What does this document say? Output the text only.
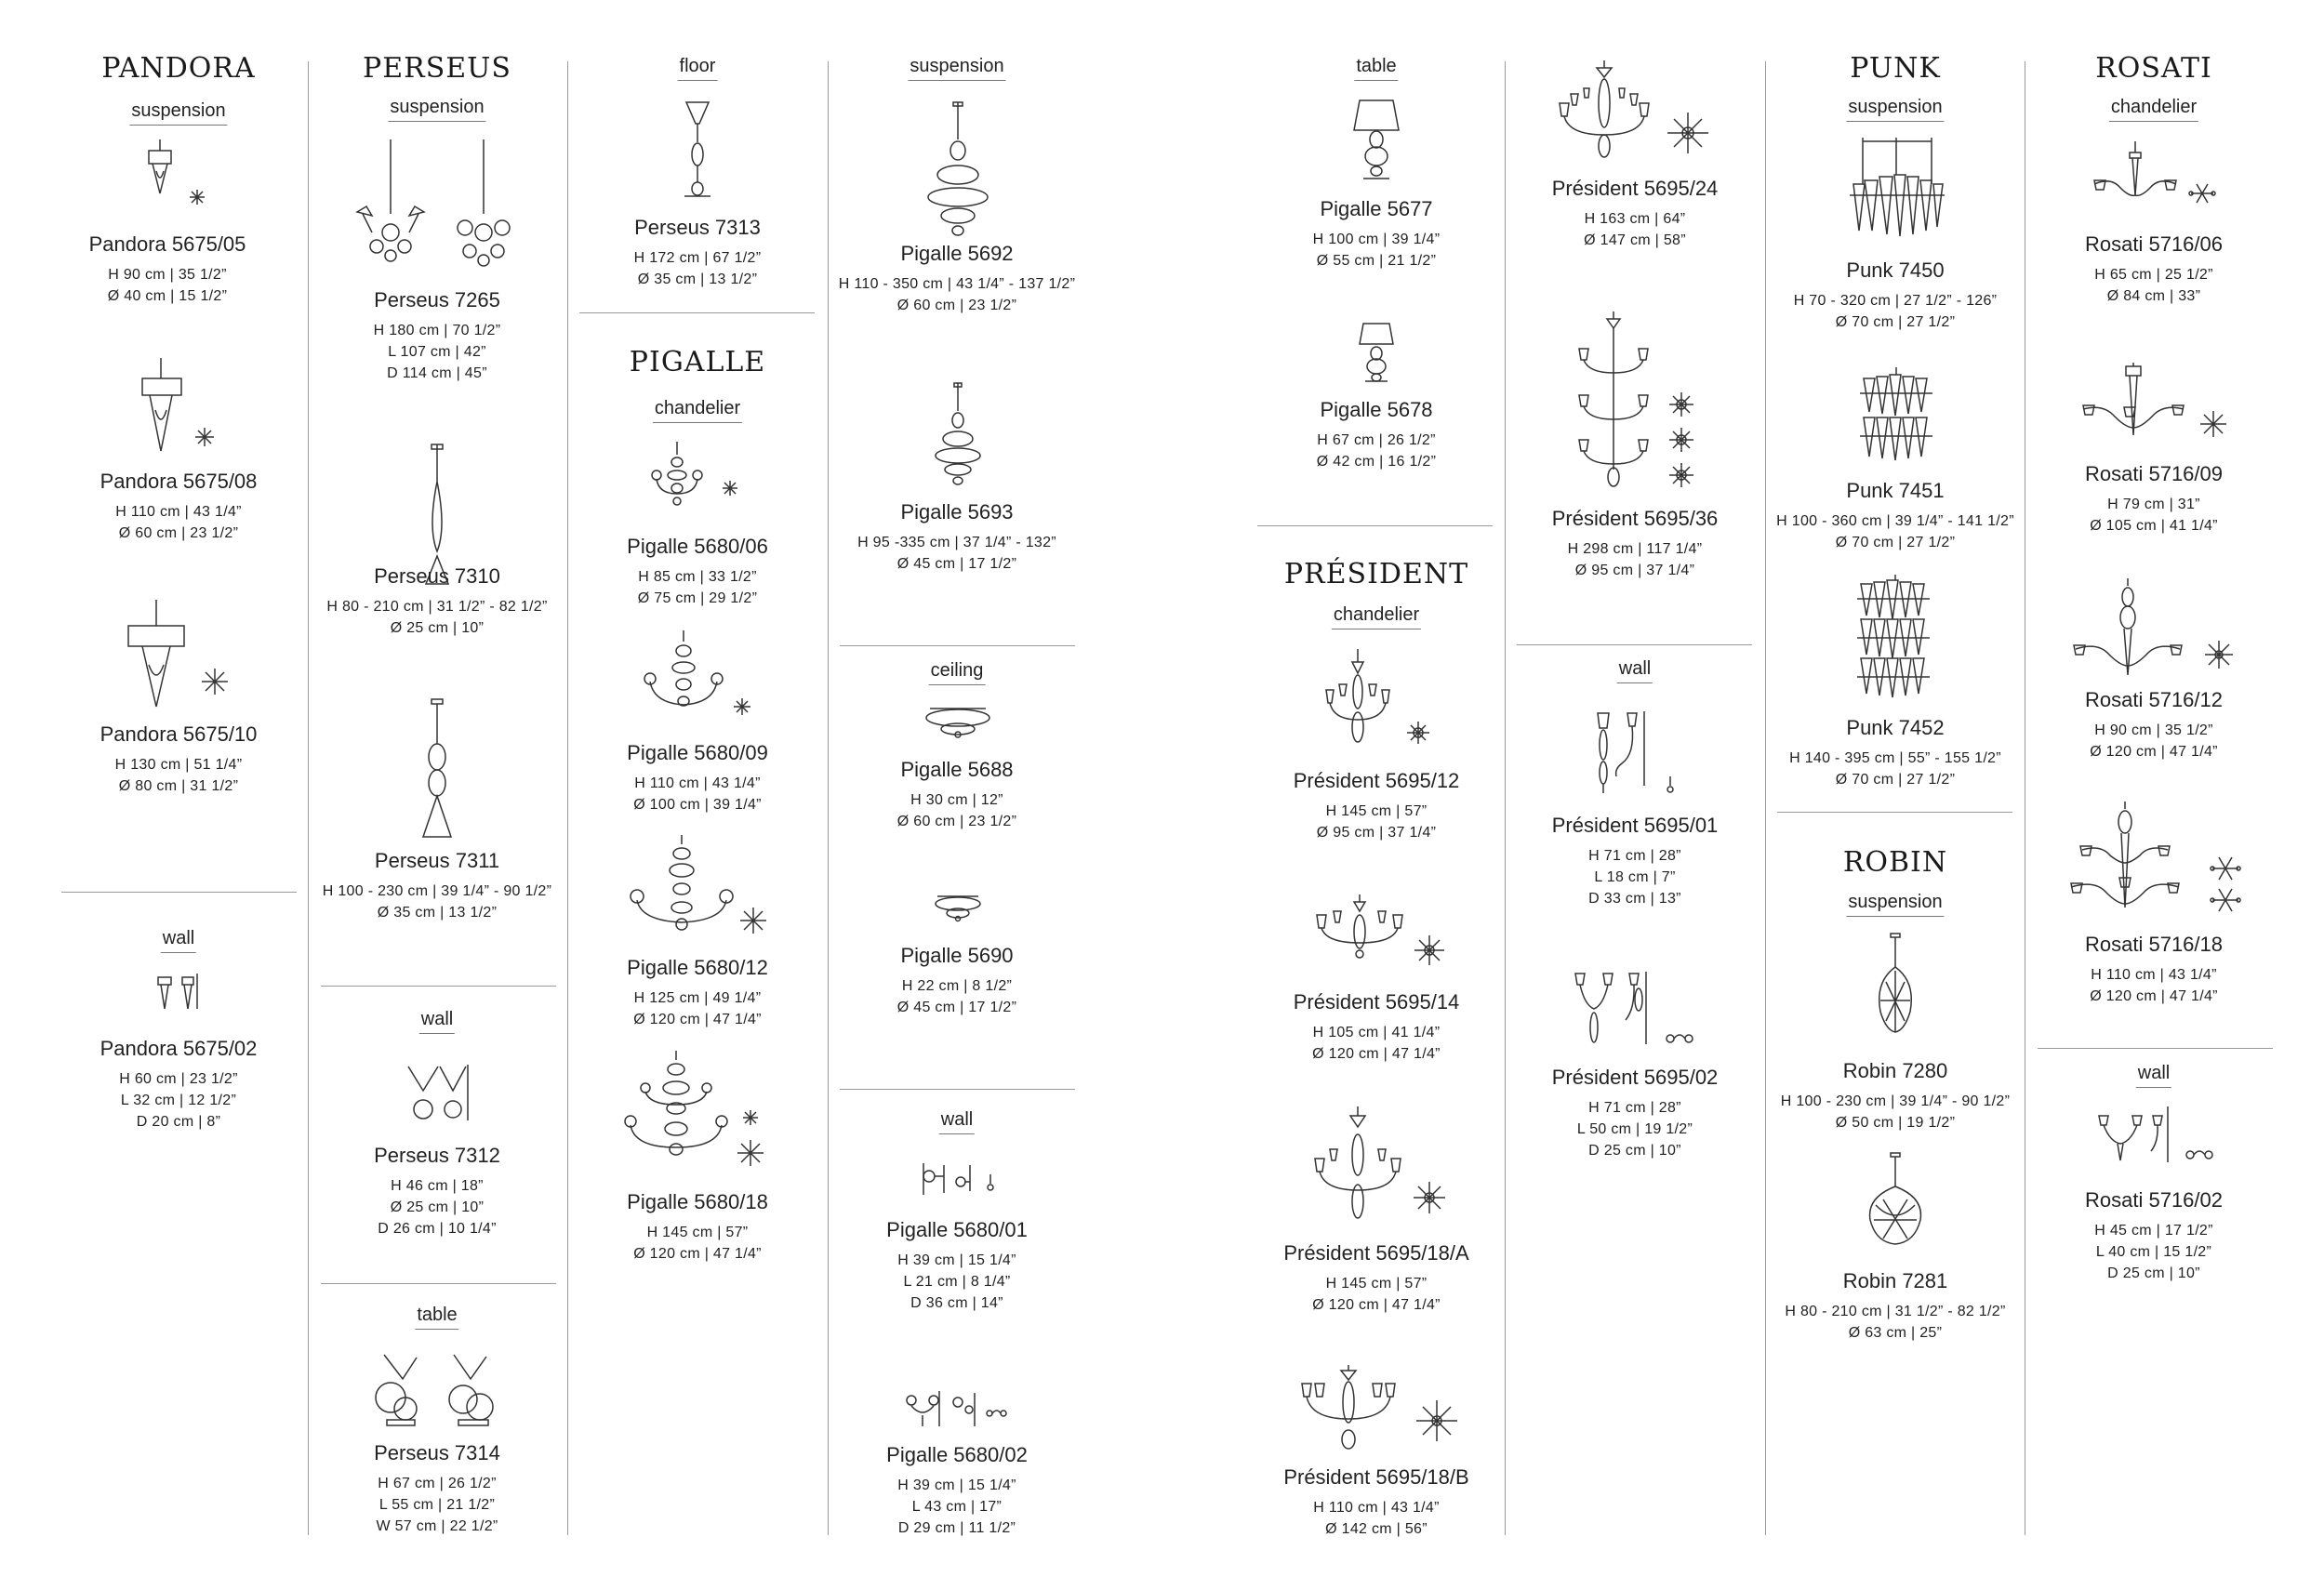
PANDORA
suspension
Pandora 5675/05
H 90 cm | 35 1/2”
Ø 40 cm | 15 1/2”
Pandora 5675/08
H 110 cm | 43 1/4”
Ø 60 cm | 23 1/2”
Pandora 5675/10
H 130 cm | 51 1/4”
Ø 80 cm | 31 1/2”
wall
Pandora 5675/02
H 60 cm | 23 1/2”
L 32 cm | 12 1/2”
D 20 cm | 8”
PERSEUS
suspension
Perseus 7265
H 180 cm | 70 1/2”
L 107 cm | 42”
D 114 cm | 45”
Perseus 7310
H 80 - 210 cm | 31 1/2” - 82 1/2”
Ø 25 cm | 10”
Perseus 7311
H 100 - 230 cm | 39 1/4” - 90 1/2”
Ø 35 cm | 13 1/2”
wall
Perseus 7312
H 46 cm | 18”
Ø 25 cm | 10”
D 26 cm | 10 1/4”
table
Perseus 7314
H 67 cm | 26 1/2”
L 55 cm | 21 1/2”
W 57 cm | 22 1/2”
floor
Perseus 7313
H 172 cm | 67 1/2”
Ø 35 cm | 13 1/2”
PIGALLE
chandelier
Pigalle 5680/06
H 85 cm | 33 1/2”
Ø 75 cm | 29 1/2”
Pigalle 5680/09
H 110 cm | 43 1/4”
Ø 100 cm | 39 1/4”
Pigalle 5680/12
H 125 cm | 49 1/4”
Ø 120 cm | 47 1/4”
Pigalle 5680/18
H 145 cm | 57”
Ø 120 cm | 47 1/4”
suspension
Pigalle 5692
H 110 - 350 cm | 43 1/4” - 137 1/2”
Ø 60 cm | 23 1/2”
Pigalle 5693
H 95 -335 cm | 37 1/4” - 132”
Ø 45 cm | 17 1/2”
ceiling
Pigalle 5688
H 30 cm | 12”
Ø 60 cm | 23 1/2”
Pigalle 5690
H 22 cm | 8 1/2”
Ø 45 cm | 17 1/2”
wall
Pigalle 5680/01
H 39 cm | 15 1/4”
L 21 cm | 8 1/4”
D 36 cm | 14”
Pigalle 5680/02
H 39 cm | 15 1/4”
L 43 cm | 17”
D 29 cm | 11 1/2”
table
Pigalle 5677
H 100 cm | 39 1/4”
Ø 55 cm | 21 1/2”
Pigalle 5678
H 67 cm | 26 1/2”
Ø 42 cm | 16 1/2”
PRÉSIDENT
chandelier
Président 5695/12
H 145 cm | 57”
Ø 95 cm | 37 1/4”
Président 5695/14
H 105 cm | 41 1/4”
Ø 120 cm | 47 1/4”
Président 5695/18/A
H 145 cm | 57”
Ø 120 cm | 47 1/4”
Président 5695/18/B
H 110 cm | 43 1/4”
Ø 142 cm | 56”
Président 5695/24
H 163 cm | 64”
Ø 147 cm | 58”
Président 5695/36
H 298 cm | 117 1/4”
Ø 95 cm | 37 1/4”
wall
Président 5695/01
H 71 cm | 28”
L 18 cm | 7”
D 33 cm | 13”
Président 5695/02
H 71 cm | 28”
L 50 cm | 19 1/2”
D 25 cm | 10”
PUNK
suspension
Punk 7450
H 70 - 320 cm | 27 1/2” - 126”
Ø 70 cm | 27 1/2”
Punk 7451
H 100 - 360 cm | 39 1/4” - 141 1/2”
Ø 70 cm | 27 1/2”
Punk 7452
H 140 - 395 cm | 55” - 155 1/2”
Ø 70 cm | 27 1/2”
ROBIN
suspension
Robin 7280
H 100 - 230 cm | 39 1/4” - 90 1/2”
Ø 50 cm | 19 1/2”
Robin 7281
H 80 - 210 cm | 31 1/2” - 82 1/2”
Ø 63 cm | 25”
ROSATI
chandelier
Rosati 5716/06
H 65 cm | 25 1/2”
Ø 84 cm | 33”
Rosati 5716/09
H 79 cm | 31”
Ø 105 cm | 41 1/4”
Rosati 5716/12
H 90 cm | 35 1/2”
Ø 120 cm | 47 1/4”
Rosati 5716/18
H 110 cm | 43 1/4”
Ø 120 cm | 47 1/4”
wall
Rosati 5716/02
H 45 cm | 17 1/2”
L 40 cm | 15 1/2”
D 25 cm | 10”
